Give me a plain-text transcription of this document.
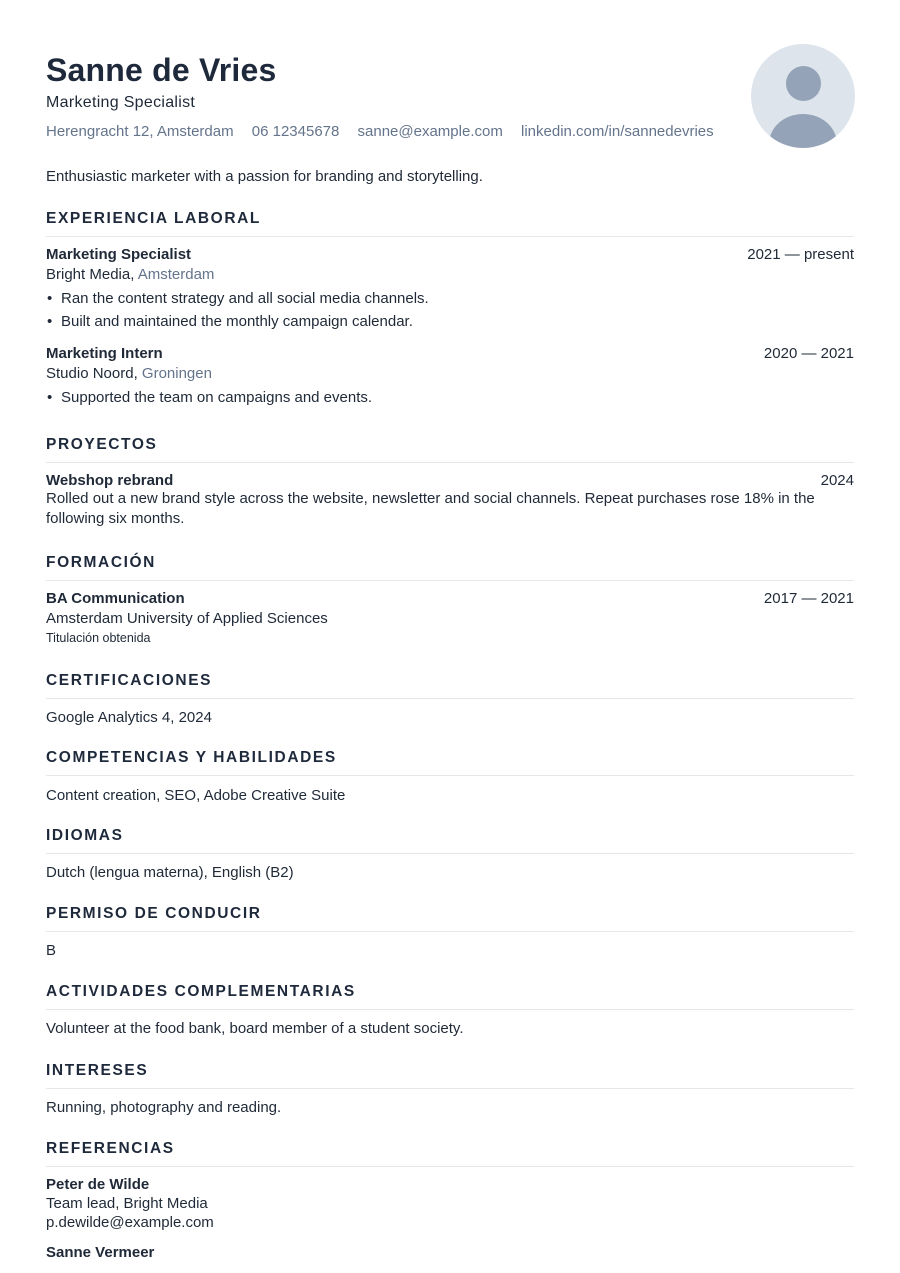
Sanne de Vries
Marketing Specialist
Herengracht 12, Amsterdam 06 12345678 sanne@example.com linkedin.com/in/sannedevries
Enthusiastic marketer with a passion for branding and storytelling.
EXPERIENCIA LABORAL
Marketing Specialist	2021 — present
Bright Media, Amsterdam
• Ran the content strategy and all social media channels.
• Built and maintained the monthly campaign calendar.
Marketing Intern	2020 — 2021
Studio Noord, Groningen
• Supported the team on campaigns and events.
PROYECTOS
Webshop rebrand	2024
Rolled out a new brand style across the website, newsletter and social channels. Repeat purchases rose 18% in the following six months.
FORMACIÓN
BA Communication	2017 — 2021
Amsterdam University of Applied Sciences
Titulación obtenida
CERTIFICACIONES
Google Analytics 4, 2024
COMPETENCIAS Y HABILIDADES
Content creation, SEO, Adobe Creative Suite
IDIOMAS
Dutch (lengua materna), English (B2)
PERMISO DE CONDUCIR
B
ACTIVIDADES COMPLEMENTARIAS
Volunteer at the food bank, board member of a student society.
INTERESES
Running, photography and reading.
REFERENCIAS
Peter de Wilde
Team lead, Bright Media
p.dewilde@example.com
Sanne Vermeer
